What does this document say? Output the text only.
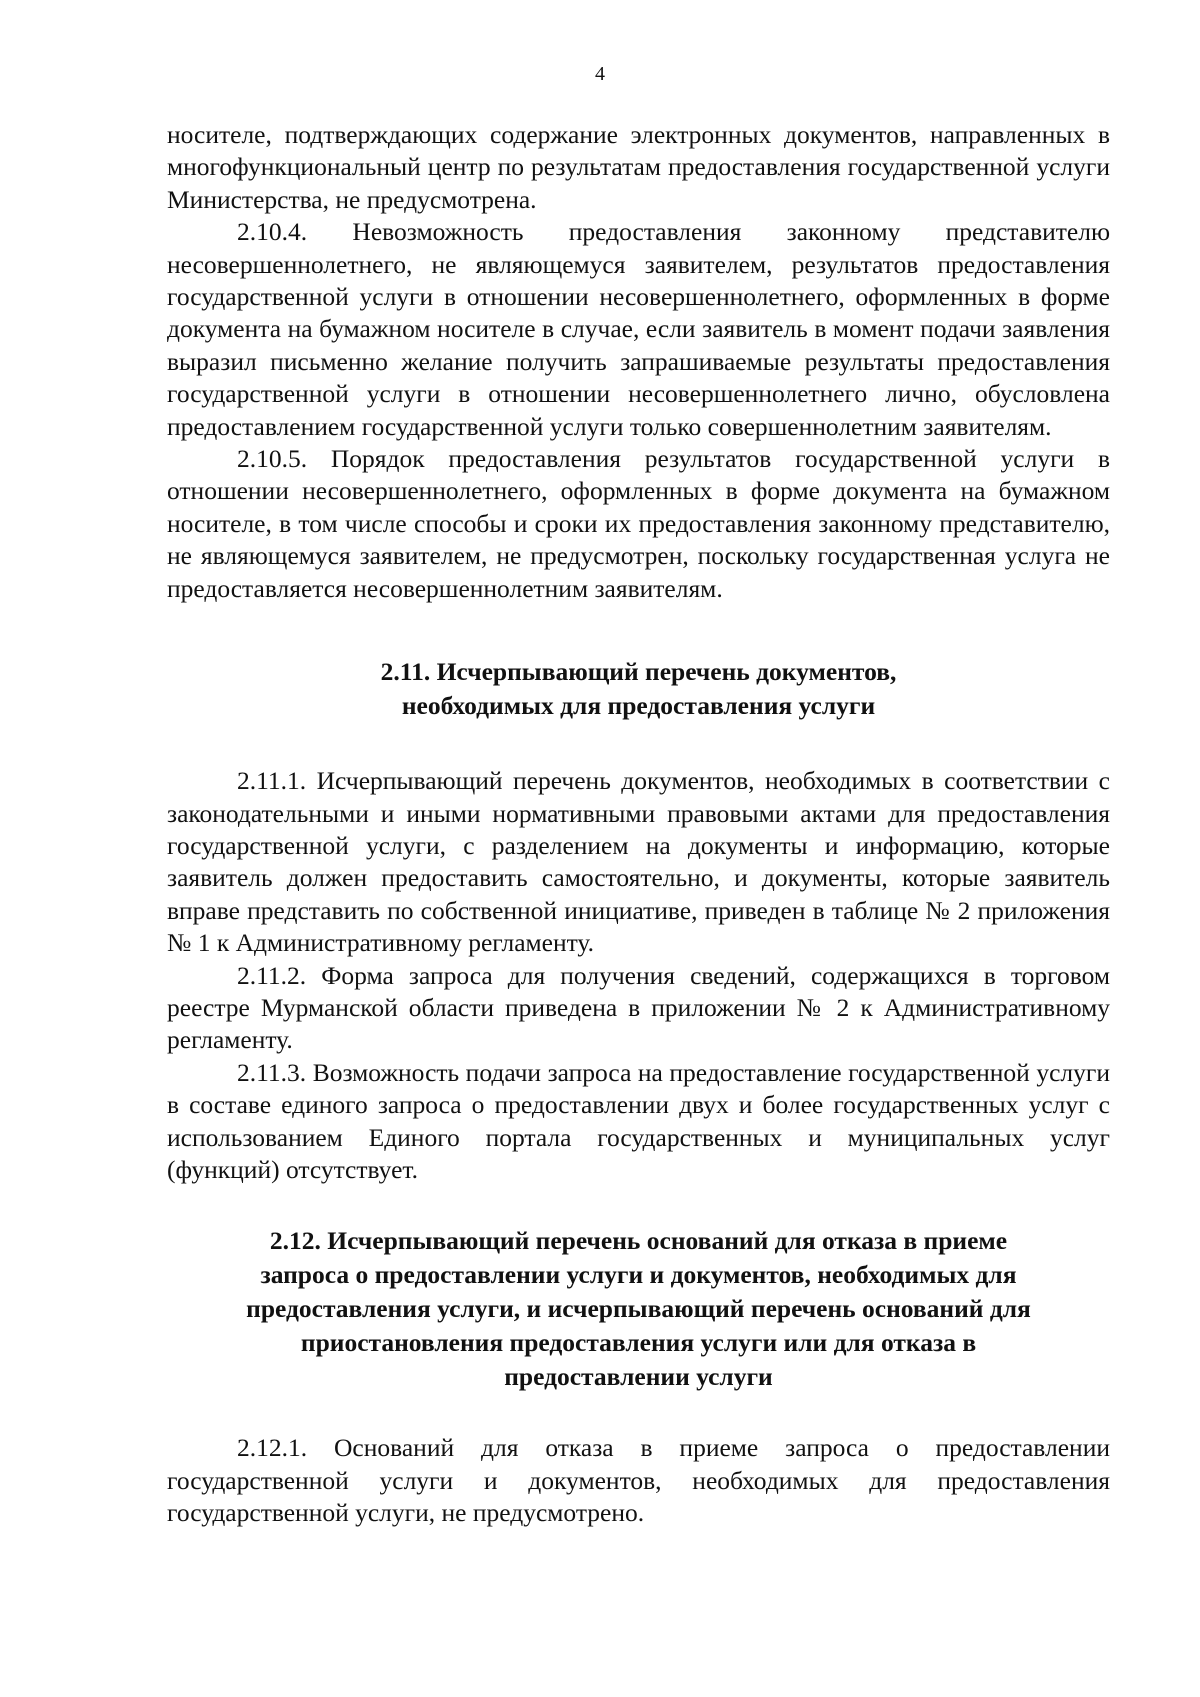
4

носителе, подтверждающих содержание электронных документов, направленных в многофункциональный центр по результатам предоставления государственной услуги Министерства, не предусмотрена.

2.10.4. Невозможность предоставления законному представителю несовершеннолетнего, не являющемуся заявителем, результатов предоставления государственной услуги в отношении несовершеннолетнего, оформленных в форме документа на бумажном носителе в случае, если заявитель в момент подачи заявления выразил письменно желание получить запрашиваемые результаты предоставления государственной услуги в отношении несовершеннолетнего лично, обусловлена предоставлением государственной услуги только совершеннолетним заявителям.

2.10.5. Порядок предоставления результатов государственной услуги в отношении несовершеннолетнего, оформленных в форме документа на бумажном носителе, в том числе способы и сроки их предоставления законному представителю, не являющемуся заявителем, не предусмотрен, поскольку государственная услуга не предоставляется несовершеннолетним заявителям.

2.11. Исчерпывающий перечень документов,
необходимых для предоставления услуги

2.11.1. Исчерпывающий перечень документов, необходимых в соответствии с законодательными и иными нормативными правовыми актами для предоставления государственной услуги, с разделением на документы и информацию, которые заявитель должен предоставить самостоятельно, и документы, которые заявитель вправе представить по собственной инициативе, приведен в таблице № 2 приложения № 1 к Административному регламенту.

2.11.2. Форма запроса для получения сведений, содержащихся в торговом реестре Мурманской области приведена в приложении № 2 к Административному регламенту.

2.11.3. Возможность подачи запроса на предоставление государственной услуги в составе единого запроса о предоставлении двух и более государственных услуг с использованием Единого портала государственных и муниципальных услуг (функций) отсутствует.

2.12. Исчерпывающий перечень оснований для отказа в приеме
запроса о предоставлении услуги и документов, необходимых для
предоставления услуги, и исчерпывающий перечень оснований для
приостановления предоставления услуги или для отказа в
предоставлении услуги

2.12.1. Оснований для отказа в приеме запроса о предоставлении государственной услуги и документов, необходимых для предоставления государственной услуги, не предусмотрено.
